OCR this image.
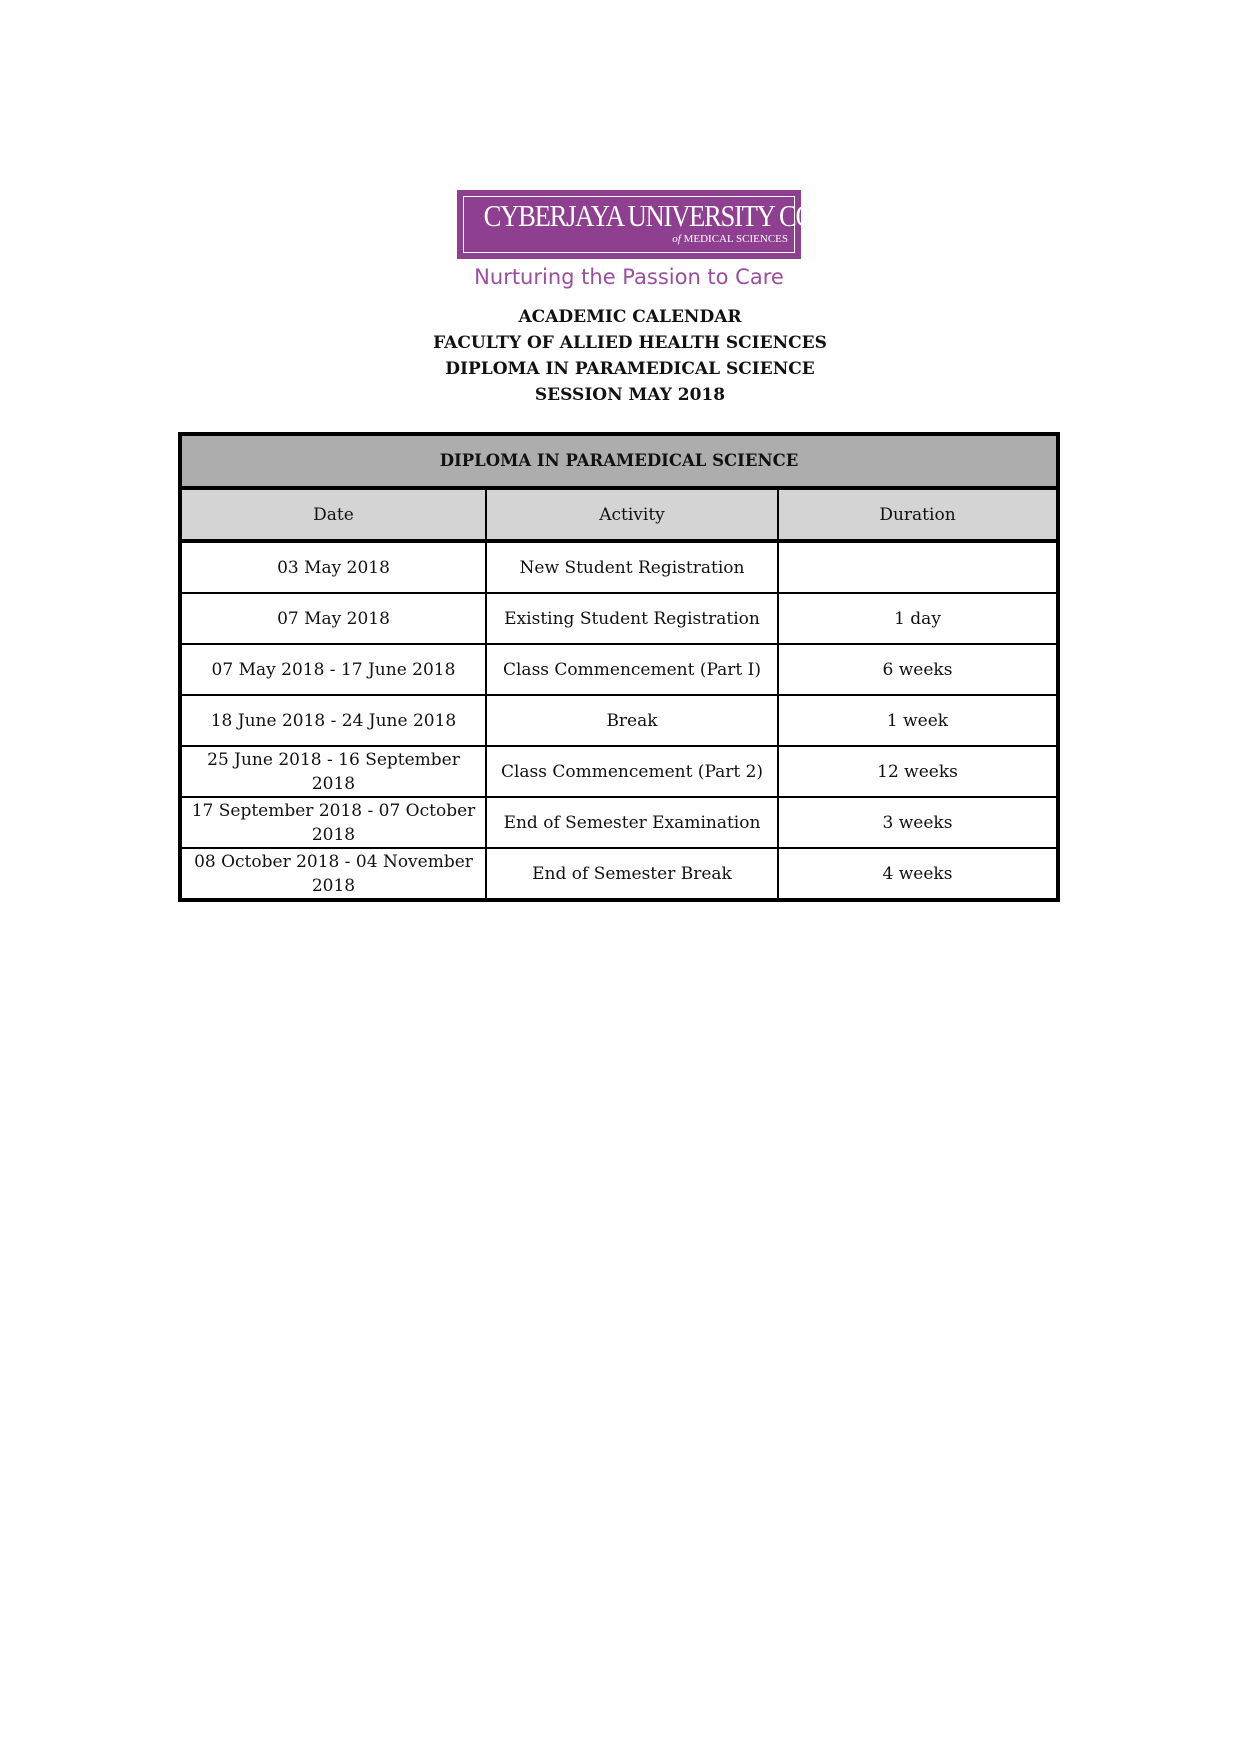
CYBERJAYA UNIVERSITY COLLEGE
of MEDICAL SCIENCES
Nurturing the Passion to Care
ACADEMIC CALENDAR
FACULTY OF ALLIED HEALTH SCIENCES
DIPLOMA IN PARAMEDICAL SCIENCE
SESSION MAY 2018
DIPLOMA IN PARAMEDICAL SCIENCE		
Date	Activity	Duration
03 May 2018	New Student Registration	
07 May 2018	Existing Student Registration	1 day
07 May 2018 - 17 June 2018	Class Commencement (Part I)	6 weeks
18 June 2018 - 24 June 2018	Break	1 week
25 June 2018 - 16 September 2018	Class Commencement (Part 2)	12 weeks
17 September 2018 - 07 October 2018	End of Semester Examination	3 weeks
08 October 2018 - 04 November 2018	End of Semester Break	4 weeks
